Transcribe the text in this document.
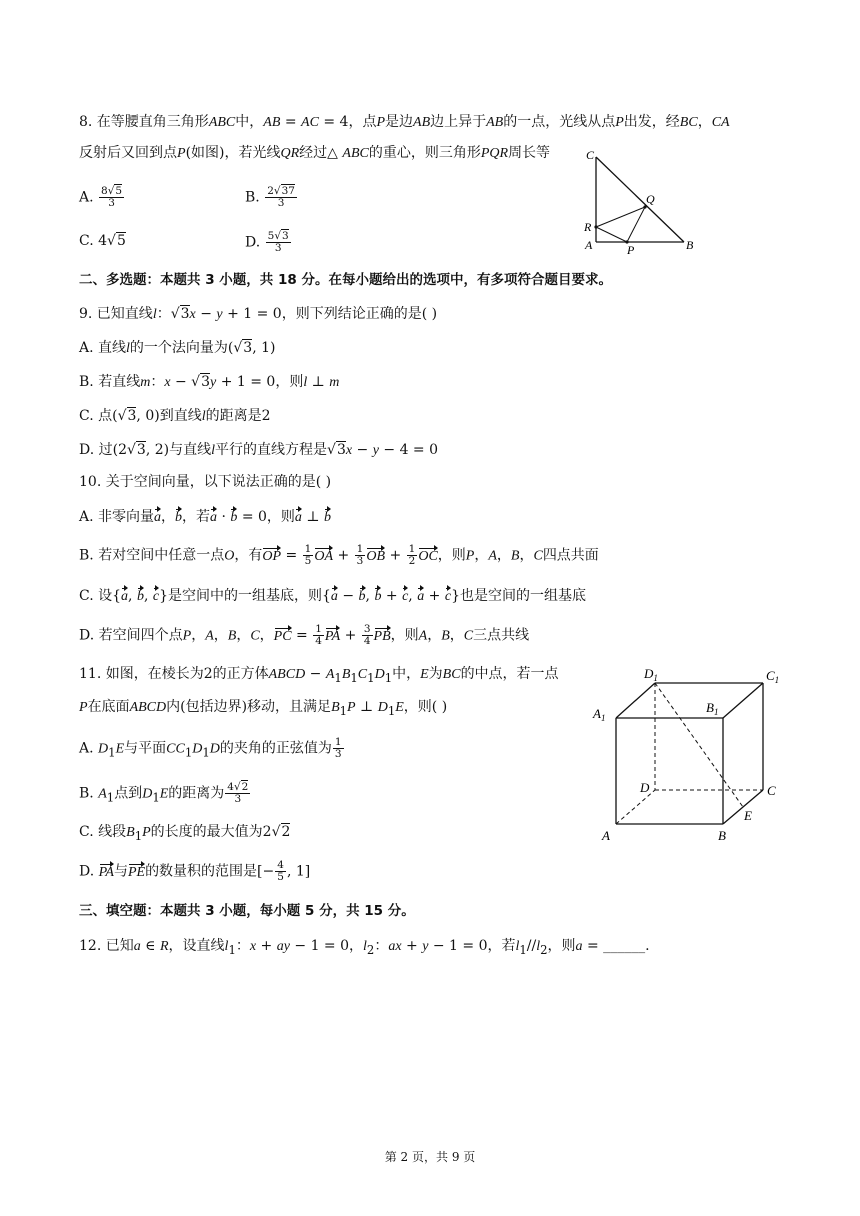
8. 在等腰直角三角形ABC中，AB = AC = 4，点P是边AB边上异于AB的一点，光线从点P出发，经BC，CA
反射后又回到点P(如图)，若光线QR经过△ ABC的重心，则三角形PQR周长等
A. $\frac{8√5}{3}$	B. $\frac{2√37}{3}$
C. 4√5	D. $\frac{5√3}{3}$
C
Q
R
A	P	B
二、多选题：本题共 3 小题，共 18 分。在每小题给出的选项中，有多项符合题目要求。
9. 已知直线l：√3x − y + 1 = 0，则下列结论正确的是( )
A. 直线l的一个法向量为(√3, 1)
B. 若直线m：x − √3y + 1 = 0，则l ⊥ m
C. 点(√3, 0)到直线l的距离是2
D. 过(2√3, 2)与直线l平行的直线方程是√3x − y − 4 = 0
10. 关于空间向量，以下说法正确的是( )
A. 非零向量a，b，若a · b = 0，则a ⊥ b
B. 若对空间中任意一点O，有OP = $\frac{1}{5}$ OA + $\frac{1}{3}$ OB + $\frac{1}{2}$ OC，则P，A，B，C四点共面
C. 设{a, b, c}是空间中的一组基底，则{a − b, b + c, a + c}也是空间的一组基底
D. 若空间四个点P，A，B，C，PC = $\frac{1}{4}$ PA + $\frac{3}{4}$ PB，则A，B，C三点共线
11. 如图，在棱长为2的正方体ABCD − $A_1B_1C_1D_1$中，E为BC的中点，若一点
P在底面ABCD内(包括边界)移动，且满足$B_1P$ ⊥ $D_1E$，则( )
A. $D_1E$与平面$CC_1D_1D$的夹角的正弦值为 $\frac{1}{3}$
B. $A_1$点到$D_1E$的距离为 $\frac{4√2}{3}$
C. 线段$B_1P$的长度的最大值为2√2
D. PA与PE的数量积的范围是[− $\frac{4}{5}$ , 1]
$D_1$	$C_1$
$A_1$
$B_1$
D	C
E
A	B
三、填空题：本题共 3 小题，每小题 5 分，共 15 分。
12. 已知a ∈ R，设直线$l_1$：x + ay − 1 = 0，$l_2$：ax + y − 1 = 0，若$l_1//l_2$，则a = ______.
第 2 页，共 9 页
